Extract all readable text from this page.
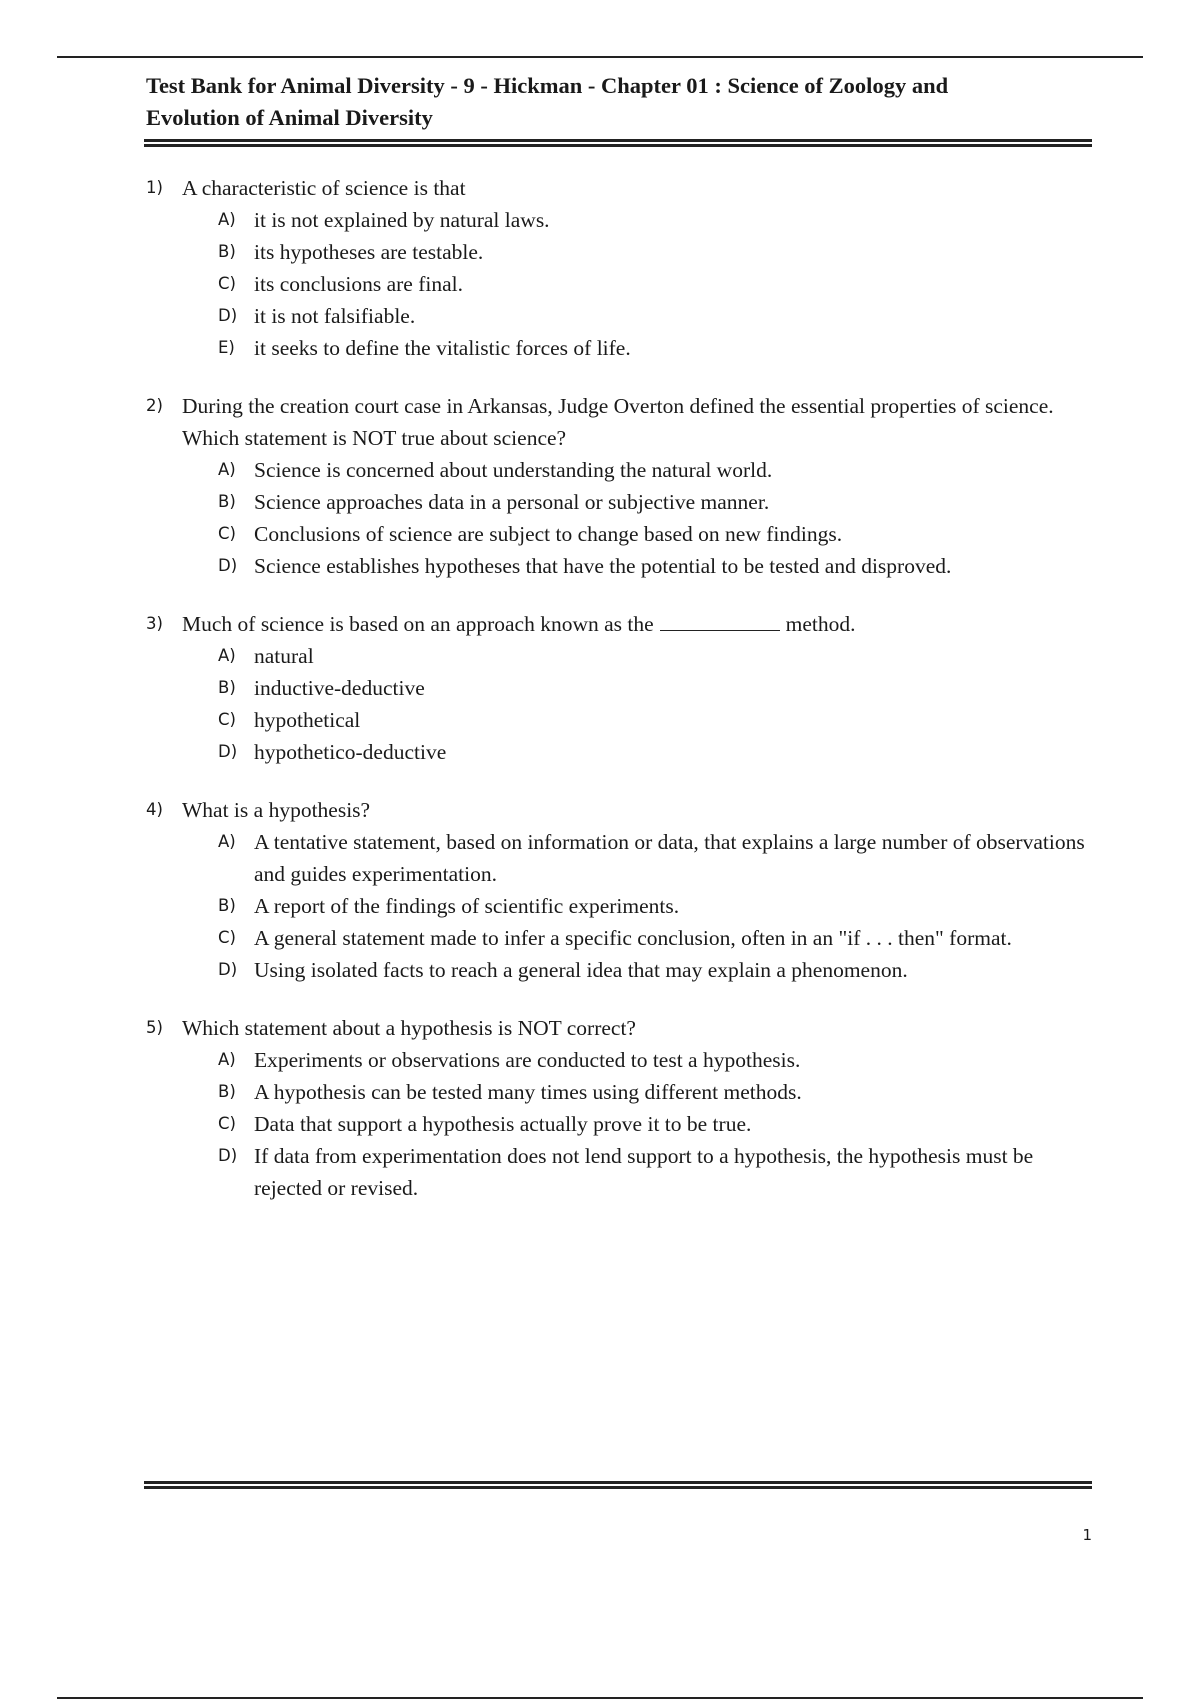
Test Bank for Animal Diversity - 9 - Hickman - Chapter 01 : Science of Zoology and
Evolution of Animal Diversity

1) A characteristic of science is that
A) it is not explained by natural laws.
B) its hypotheses are testable.
C) its conclusions are final.
D) it is not falsifiable.
E) it seeks to define the vitalistic forces of life.
2) During the creation court case in Arkansas, Judge Overton defined the essential properties of science. Which statement is NOT true about science?
A) Science is concerned about understanding the natural world.
B) Science approaches data in a personal or subjective manner.
C) Conclusions of science are subject to change based on new findings.
D) Science establishes hypotheses that have the potential to be tested and disproved.
3) Much of science is based on an approach known as the	method.
A) natural
B) inductive-deductive
C) hypothetical
D) hypothetico-deductive
4) What is a hypothesis?
A) A tentative statement, based on information or data, that explains a large number of observations and guides experimentation.
B) A report of the findings of scientific experiments.
C) A general statement made to infer a specific conclusion, often in an "if . . . then" format.
D) Using isolated facts to reach a general idea that may explain a phenomenon.
5) Which statement about a hypothesis is NOT correct?
A) Experiments or observations are conducted to test a hypothesis.
B) A hypothesis can be tested many times using different methods.
C) Data that support a hypothesis actually prove it to be true.
D) If data from experimentation does not lend support to a hypothesis, the hypothesis must be rejected or revised.
1
